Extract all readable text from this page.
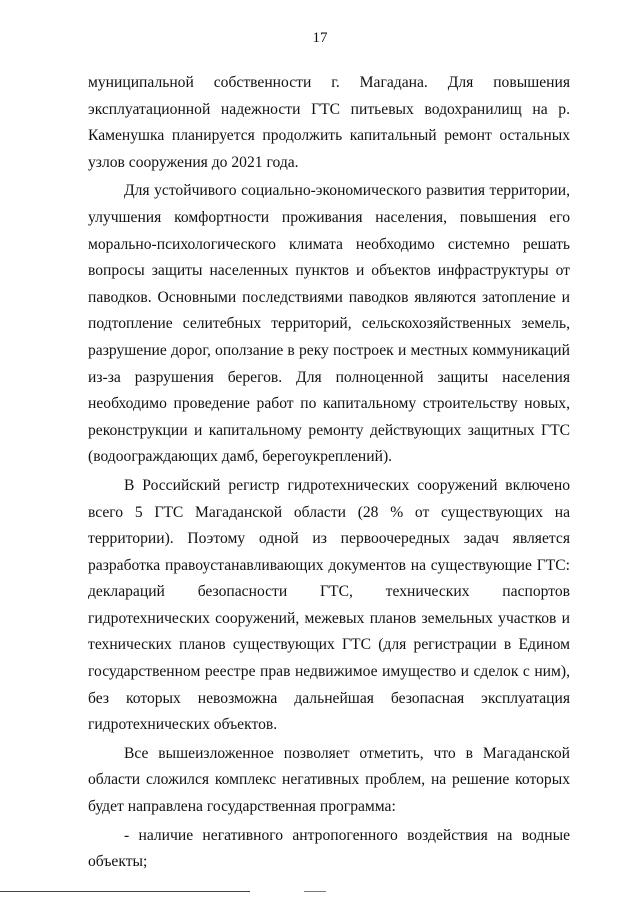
17

муниципальной собственности г. Магадана. Для повышения эксплуатационной надежности ГТС питьевых водохранилищ на р. Каменушка планируется продолжить капитальный ремонт остальных узлов сооружения до 2021 года.

Для устойчивого социально-экономического развития территории, улучшения комфортности проживания населения, повышения его морально-психологического климата необходимо системно решать вопросы защиты населенных пунктов и объектов инфраструктуры от паводков. Основными последствиями паводков являются затопление и подтопление селитебных территорий, сельскохозяйственных земель, разрушение дорог, оползание в реку построек и местных коммуникаций из-за разрушения берегов. Для полноценной защиты населения необходимо проведение работ по капитальному строительству новых, реконструкции и капитальному ремонту действующих защитных ГТС (водоограждающих дамб, берегоукреплений).

В Российский регистр гидротехнических сооружений включено всего 5 ГТС Магаданской области (28 % от существующих на территории). Поэтому одной из первоочередных задач является разработка правоустанавливающих документов на существующие ГТС: деклараций безопасности ГТС, технических паспортов гидротехнических сооружений, межевых планов земельных участков и технических планов существующих ГТС (для регистрации в Едином государственном реестре прав недвижимое имущество и сделок с ним), без которых невозможна дальнейшая безопасная эксплуатация гидротехнических объектов.

Все вышеизложенное позволяет отметить, что в Магаданской области сложился комплекс негативных проблем, на решение которых будет направлена государственная программа:

- наличие негативного антропогенного воздействия на водные объекты;
